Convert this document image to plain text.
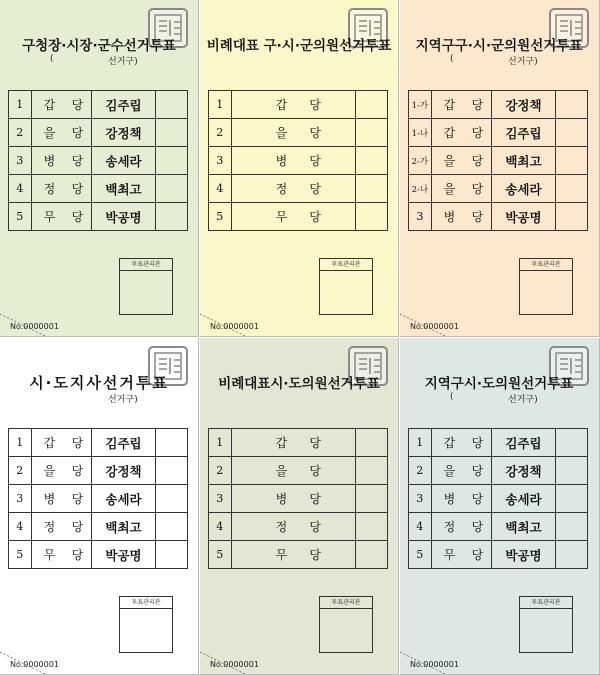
구청장·시장·군수선거투표
(	선거구)
1	갑 당	김주립	
2	을 당	강정책	
3	병 당	송세라	
4	정 당	백최고	
5	무 당	박공명	
투표관리관
No.0000001
비례대표 구·시·군의원선거투표
1	갑 당	

2	을 당	

3	병 당	

4	정 당	

5	무 당	

투표관리관
No.0000001
지역구구·시·군의원선거투표
(	선거구)
1-가	갑 당	강정책	
1-나	갑 당	김주립	
2-가	을 당	백최고	
2-나	을 당	송세라	
3	병 당	박공명	
투표관리관
No.0000001
시·도지사선거투표
선거구)
1	갑 당	김주립	
2	을 당	강정책	
3	병 당	송세라	
4	정 당	백최고	
5	무 당	박공명	
투표관리관
No.0000001
비례대표시·도의원선거투표
1	갑 당	

2	을 당	

3	병 당	

4	정 당	

5	무 당	

투표관리관
No.0000001
지역구시·도의원선거투표
(	선거구)
1	갑 당	김주립	
2	을 당	강정책	
3	병 당	송세라	
4	정 당	백최고	
5	무 당	박공명	
투표관리관
No.0000001
